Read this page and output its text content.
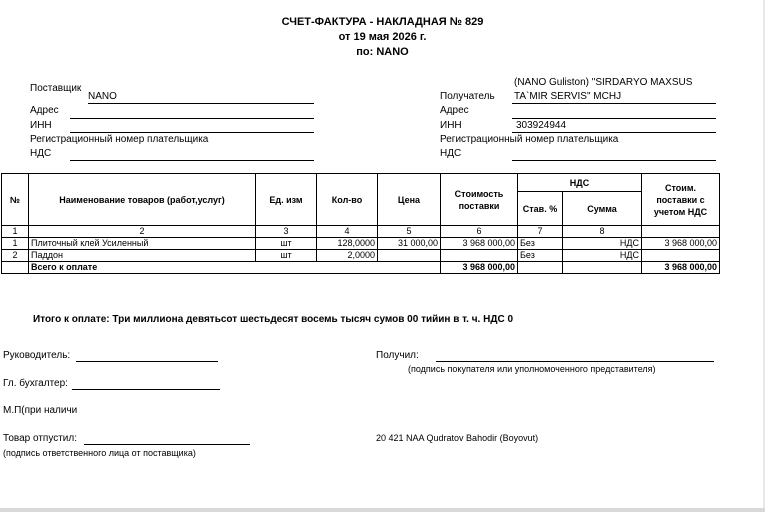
СЧЕТ-ФАКТУРА - НАКЛАДНАЯ № 829
от 19 мая 2026 г.
по: NANO
Поставщик
NANO
Адрес
ИНН
Регистрационный номер плательщика
НДС
(NANO Guliston) "SIRDARYO MAXSUS
Получатель TA`MIR SERVIS" MCHJ
Адрес
ИНН	303924944
Регистрационный номер плательщика
НДС
№	Наименование товаров (работ,услуг)	Ед. изм	Кол-во	Цена	Стоимость поставки	НДС		Стоим. поставки с учетом НДС
						Став. %	Сумма	
1	2	3	4	5	6	7	8	
1	Плиточный клей Усиленный	шт	128,0000	31 000,00	3 968 000,00	Без	НДС	3 968 000,00
2	Паддон	шт	2,0000			Без	НДС	
	Всего к оплате				3 968 000,00			3 968 000,00
Итого к оплате: Три миллиона девятьсот шестьдесят восемь тысяч сумов 00 тийин в т. ч. НДС 0
Руководитель:
Гл. бухгалтер:
М.П(при наличи
Товар отпустил:
(подпись ответственного лица от поставщика)
Получил:
(подпись покупателя или уполномоченного представителя)
20 421 NAA Qudratov Bahodir (Boyovut)
